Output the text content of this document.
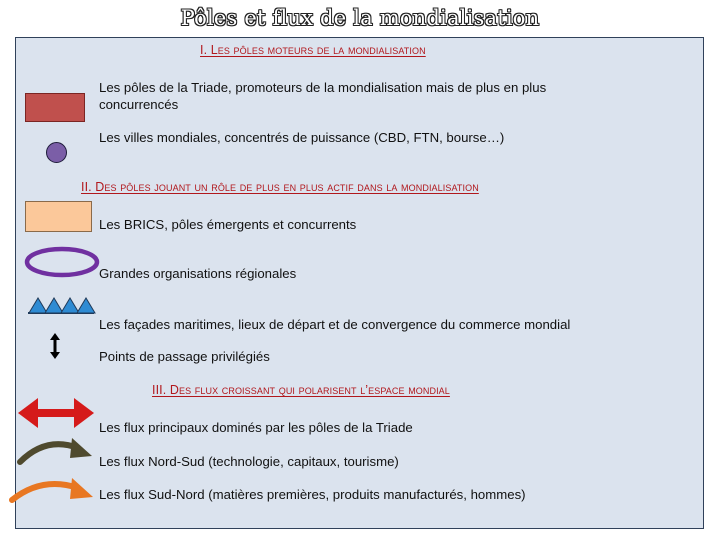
Pôles et flux de la mondialisation
I. Les pôles moteurs de la mondialisation
II. Des pôles jouant un rôle de plus en plus actif dans la mondialisation
III. Des flux croissant qui polarisent l’espace mondial
Les pôles de la Triade, promoteurs de la mondialisation mais de plus en plus
concurrencés
Les villes mondiales, concentrés de puissance (CBD, FTN, bourse…)
Les BRICS, pôles émergents et concurrents
Grandes organisations régionales
Les façades maritimes, lieux de départ et de convergence du commerce mondial
Points de passage privilégiés
Les flux principaux dominés par les pôles de la Triade
Les flux Nord-Sud (technologie, capitaux, tourisme)
Les flux Sud-Nord (matières premières, produits manufacturés, hommes)
